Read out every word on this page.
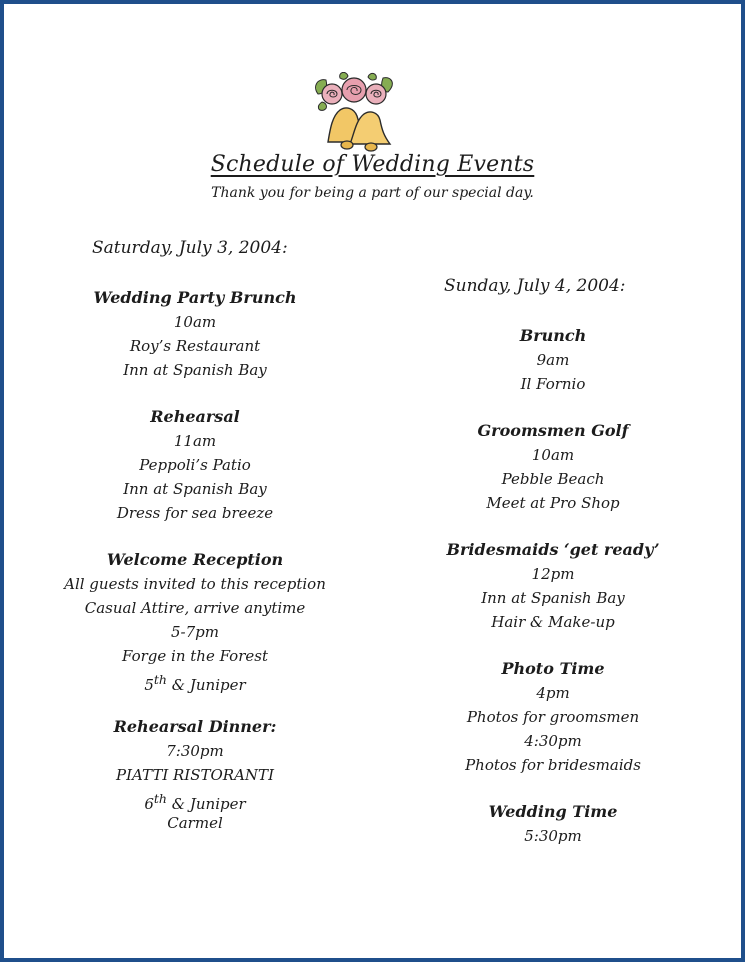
Schedule of Wedding Events
Thank you for being a part of our special day.
Saturday, July 3, 2004:
Sunday, July 4, 2004:
Wedding Party Brunch
10am
Roy’s Restaurant
Inn at Spanish Bay
Rehearsal
11am
Peppoli’s Patio
Inn at Spanish Bay
Dress for sea breeze
Welcome Reception
All guests invited to this reception
Casual Attire, arrive anytime
5-7pm
Forge in the Forest
5th & Juniper
Rehearsal Dinner:
7:30pm
PIATTI RISTORANTI
6th & Juniper
Carmel
Brunch
9am
Il Fornio
Groomsmen Golf
10am
Pebble Beach
Meet at Pro Shop
Bridesmaids ‘get ready’
12pm
Inn at Spanish Bay
Hair & Make-up
Photo Time
4pm
Photos for groomsmen
4:30pm
Photos for bridesmaids
Wedding Time
5:30pm
